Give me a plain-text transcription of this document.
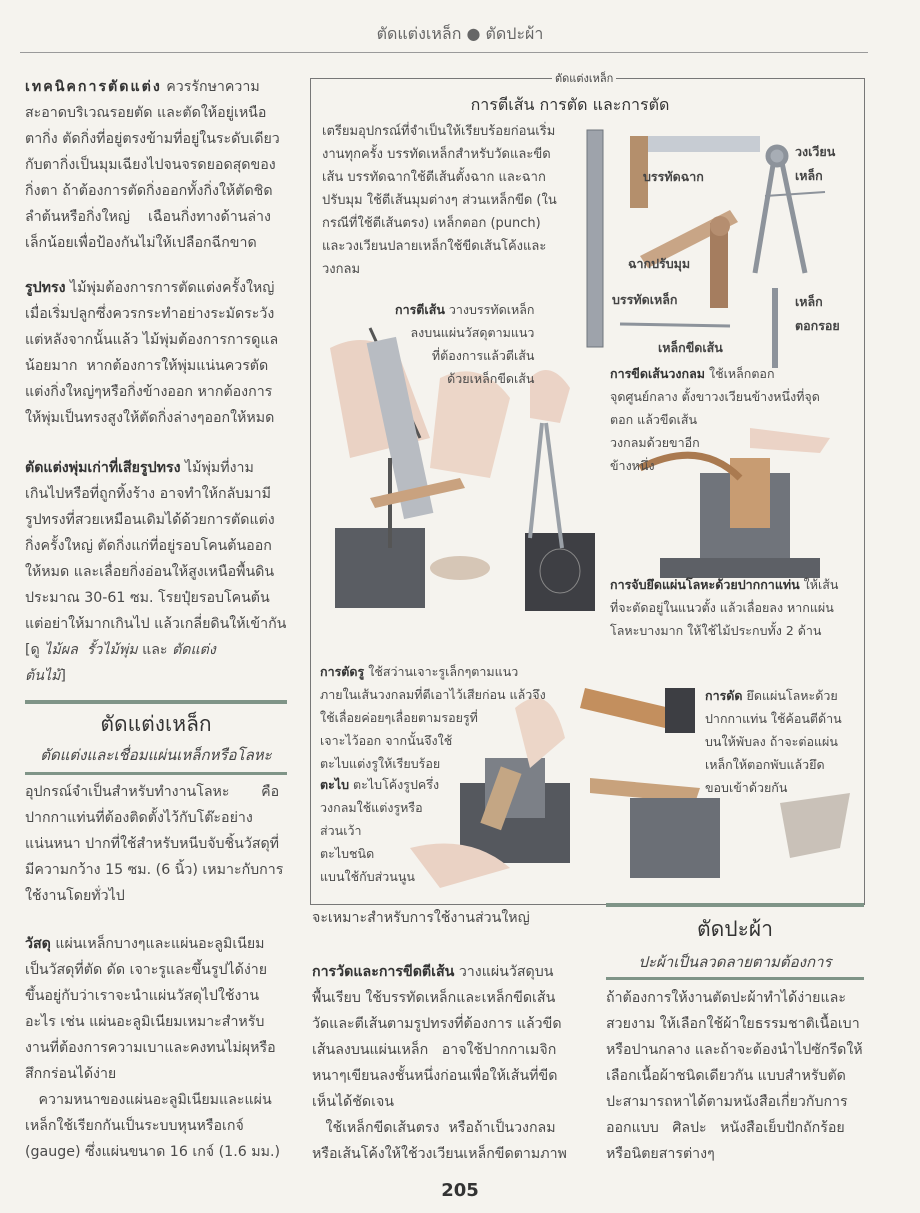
ตัดแต่งเหล็ก ● ตัดปะผ้า
เทคนิคการตัดแต่ง ควรรักษาความ
สะอาดบริเวณรอยตัด และตัดให้อยู่เหนือ
ตากิ่ง ตัดกิ่งที่อยู่ตรงข้ามที่อยู่ในระดับเดียว
กับตากิ่งเป็นมุมเฉียงไปจนจรดยอดสุดของ
กิ่งตา ถ้าต้องการตัดกิ่งออกทั้งกิ่งให้ตัดชิด
ลำต้นหรือกิ่งใหญ่    เฉือนกิ่งทางด้านล่าง
เล็กน้อยเพื่อป้องกันไม่ให้เปลือกฉีกขาด
รูปทรง ไม้พุ่มต้องการการตัดแต่งครั้งใหญ่
เมื่อเริ่มปลูกซึ่งควรกระทำอย่างระมัดระวัง
แต่หลังจากนั้นแล้ว ไม้พุ่มต้องการการดูแล
น้อยมาก  หากต้องการให้พุ่มแน่นควรตัด
แต่งกิ่งใหญ่ๆหรือกิ่งข้างออก หากต้องการ
ให้พุ่มเป็นทรงสูงให้ตัดกิ่งล่างๆออกให้หมด
ตัดแต่งพุ่มเก่าที่เสียรูปทรง ไม้พุ่มที่งาม
เกินไปหรือที่ถูกทิ้งร้าง อาจทำให้กลับมามี
รูปทรงที่สวยเหมือนเดิมได้ด้วยการตัดแต่ง
กิ่งครั้งใหญ่ ตัดกิ่งแก่ที่อยู่รอบโคนต้นออก
ให้หมด และเลื่อยกิ่งอ่อนให้สูงเหนือพื้นดิน
ประมาณ 30-61 ซม. โรยปุ๋ยรอบโคนต้น
แต่อย่าให้มากเกินไป แล้วเกลี่ยดินให้เข้ากัน
[ดู ไม้ผล รั้วไม้พุ่ม และ ตัดแต่ง
ต้นไม้]
ตัดแต่งเหล็ก
ตัดแต่งและเชื่อมแผ่นเหล็กหรือโลหะ
อุปกรณ์จำเป็นสำหรับทำงานโลหะ       คือ
ปากกาแท่นที่ต้องติดตั้งไว้กับโต๊ะอย่าง
แน่นหนา ปากที่ใช้สำหรับหนีบจับชิ้นวัสดุที่
มีความกว้าง 15 ซม. (6 นิ้ว) เหมาะกับการ
ใช้งานโดยทั่วไป
วัสดุ แผ่นเหล็กบางๆและแผ่นอะลูมิเนียม
เป็นวัสดุที่ตัด ดัด เจาะรูและขึ้นรูปได้ง่าย
ขึ้นอยู่กับว่าเราจะนำแผ่นวัสดุไปใช้งาน
อะไร เช่น แผ่นอะลูมิเนียมเหมาะสำหรับ
งานที่ต้องการความเบาและคงทนไม่ผุหรือ
สึกกร่อนได้ง่าย
ความหนาของแผ่นอะลูมิเนียมและแผ่น
เหล็กใช้เรียกกันเป็นระบบหุนหรือเกจ์
(gauge) ซึ่งแผ่นขนาด 16 เกจ์ (1.6 มม.)
ตัดแต่งเหล็ก
การตีเส้น การตัด และการตัด
เตรียมอุปกรณ์ที่จำเป็นให้เรียบร้อยก่อนเริ่ม
งานทุกครั้ง บรรทัดเหล็กสำหรับวัดและขีด
เส้น บรรทัดฉากใช้ตีเส้นตั้งฉาก และฉาก
ปรับมุม ใช้ตีเส้นมุมต่างๆ ส่วนเหล็กขีด (ใน
กรณีที่ใช้ตีเส้นตรง) เหล็กตอก (punch)
และวงเวียนปลายเหล็กใช้ขีดเส้นโค้งและ
วงกลม
บรรทัดฉาก
วงเวียน
เหล็ก
ฉากปรับมุม
บรรทัดเหล็ก
เหล็กขีดเส้น
เหล็ก
ตอกรอย
การตีเส้น วางบรรทัดเหล็ก
ลงบนแผ่นวัสดุตามแนว
ที่ต้องการแล้วตีเส้น
ด้วยเหล็กขีดเส้น	การขีดเส้นวงกลม ใช้เหล็กตอก
จุดศูนย์กลาง ตั้งขาวงเวียนข้างหนึ่งที่จุด
ตอก แล้วขีดเส้น
วงกลมด้วยขาอีก
ข้างหนึ่ง
การจับยึดแผ่นโลหะด้วยปากกาแท่น ให้เส้น
ที่จะตัดอยู่ในแนวตั้ง แล้วเลื่อยลง หากแผ่น
โลหะบางมาก ให้ใช้ไม้ประกบทั้ง 2 ด้าน
การตัดรู ใช้สว่านเจาะรูเล็กๆตามแนว
ภายในเส้นวงกลมที่ตีเอาไว้เสียก่อน แล้วจึง
ใช้เลื่อยค่อยๆเลื่อยตามรอยรูที่
เจาะไว้ออก จากนั้นจึงใช้
ตะไบแต่งรูให้เรียบร้อย
ตะไบ ตะไบโค้งรูปครึ่ง
วงกลมใช้แต่งรูหรือ
ส่วนเว้า
ตะไบชนิด
แบนใช้กับส่วนนูน
การดัด ยึดแผ่นโลหะด้วย
ปากกาแท่น ใช้ค้อนตีด้าน
บนให้พับลง ถ้าจะต่อแผ่น
เหล็กให้ตอกพับแล้วยึด
ขอบเข้าด้วยกัน
จะเหมาะสำหรับการใช้งานส่วนใหญ่
การวัดและการขีดตีเส้น วางแผ่นวัสดุบน
พื้นเรียบ ใช้บรรทัดเหล็กและเหล็กขีดเส้น
วัดและตีเส้นตามรูปทรงที่ต้องการ แล้วขีด
เส้นลงบนแผ่นเหล็ก   อาจใช้ปากกาเมจิก
หนาๆเขียนลงชั้นหนึ่งก่อนเพื่อให้เส้นที่ขีด
เห็นได้ชัดเจน
ใช้เหล็กขีดเส้นตรง  หรือถ้าเป็นวงกลม
หรือเส้นโค้งให้ใช้วงเวียนเหล็กขีดตามภาพ
ตัดปะผ้า
ปะผ้าเป็นลวดลายตามต้องการ
ถ้าต้องการให้งานตัดปะผ้าทำได้ง่ายและ
สวยงาม ให้เลือกใช้ผ้าใยธรรมชาติเนื้อเบา
หรือปานกลาง และถ้าจะต้องนำไปซักรีดให้
เลือกเนื้อผ้าชนิดเดียวกัน แบบสำหรับตัด
ปะสามารถหาได้ตามหนังสือเกี่ยวกับการ
ออกแบบ   ศิลปะ   หนังสือเย็บปักถักร้อย
หรือนิตยสารต่างๆ
205
